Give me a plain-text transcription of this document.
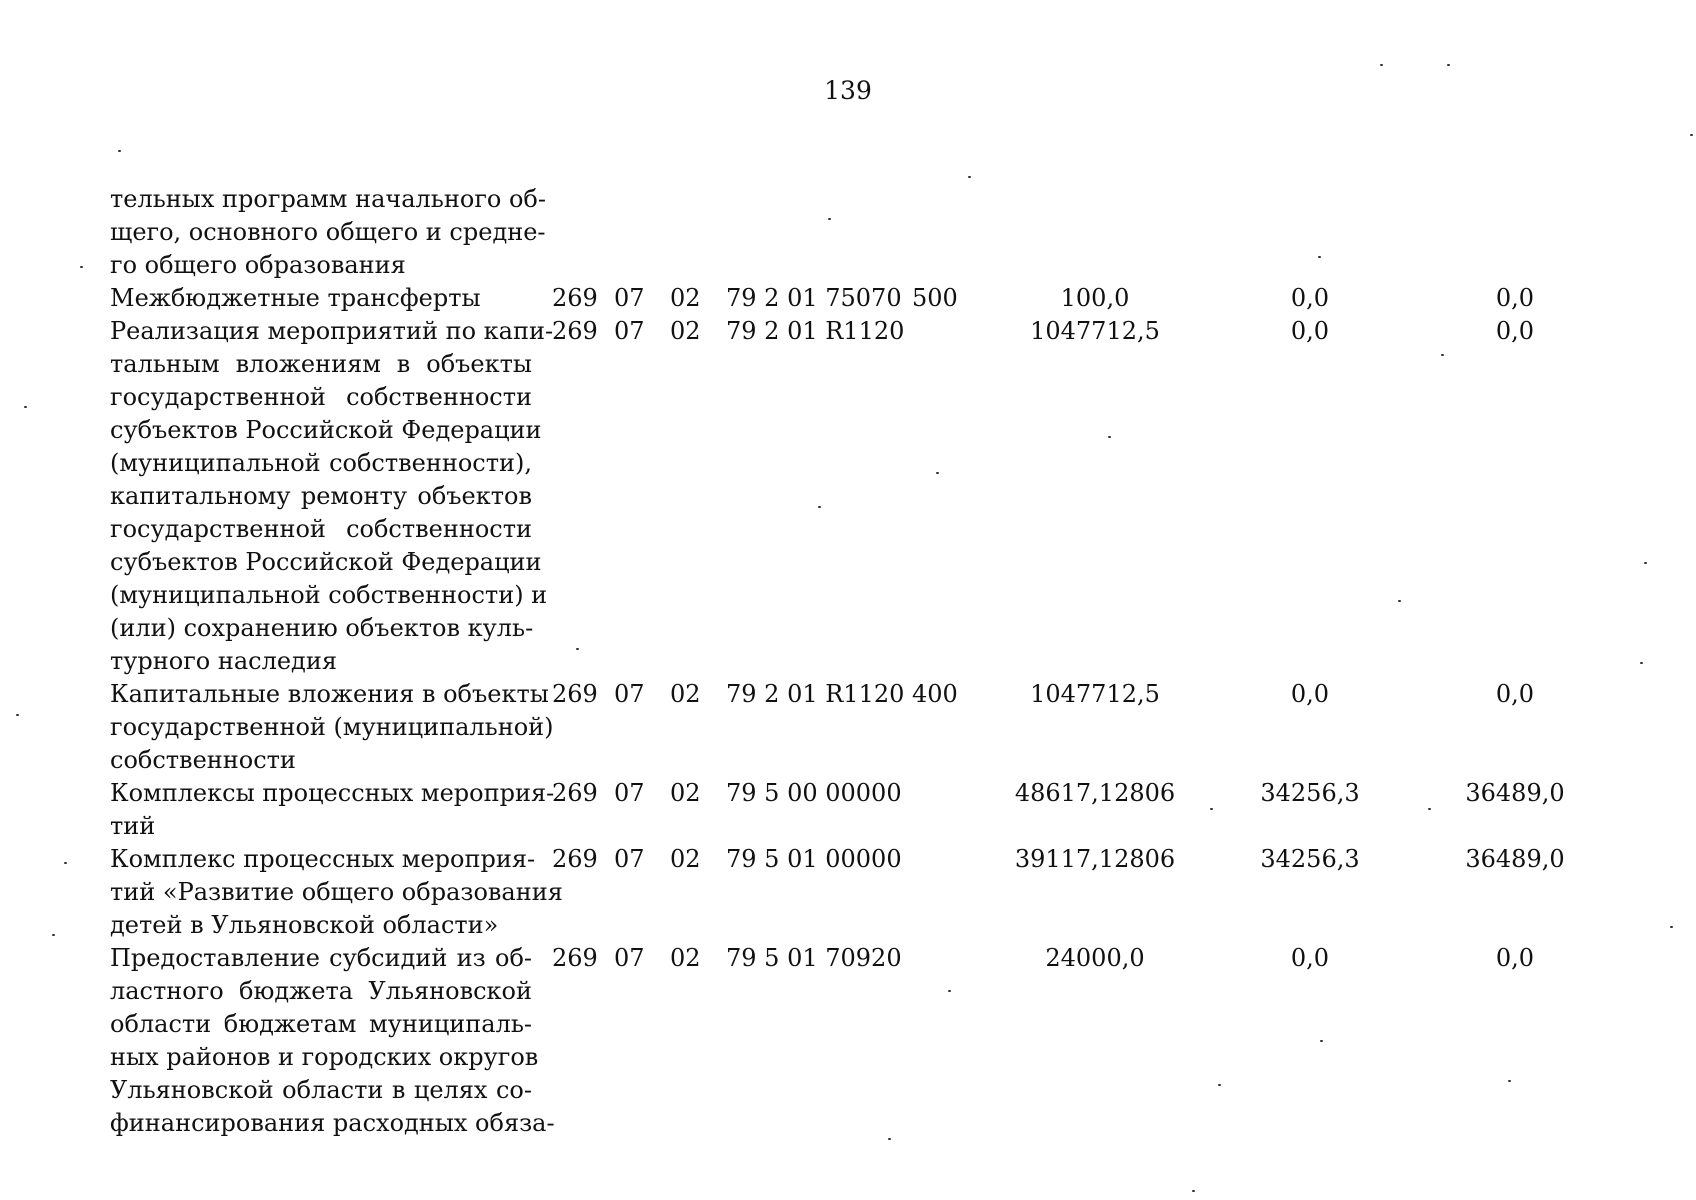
139
тельных программ начального об-
щего, основного общего и средне-
го общего образования
Межбюджетные трансферты	269 07 02 79 2 01 75070 500	100,0	0,0	0,0
Реализация мероприятий по капи-
тальным вложениям в объекты
государственной собственности
субъектов Российской Федерации
(муниципальной собственности),
капитальному ремонту объектов
государственной собственности
субъектов Российской Федерации
(муниципальной собственности) и
(или) сохранению объектов куль-
турного наследия
269 07 02 79 2 01 R1120	1047712,5	0,0	0,0
Капитальные вложения в объекты
государственной (муниципальной)
собственности
269 07 02 79 2 01 R1120 400	1047712,5	0,0	0,0
Комплексы процессных мероприя-
тий
269 07 02 79 5 00 00000	48617,12806	34256,3	36489,0
Комплекс процессных мероприя-
тий «Развитие общего образования
детей в Ульяновской области»
269 07 02 79 5 01 00000	39117,12806	34256,3	36489,0
Предоставление субсидий из об-
ластного бюджета Ульяновской
области бюджетам муниципаль-
ных районов и городских округов
Ульяновской области в целях со-
финансирования расходных обяза-
269 07 02 79 5 01 70920	24000,0	0,0	0,0
